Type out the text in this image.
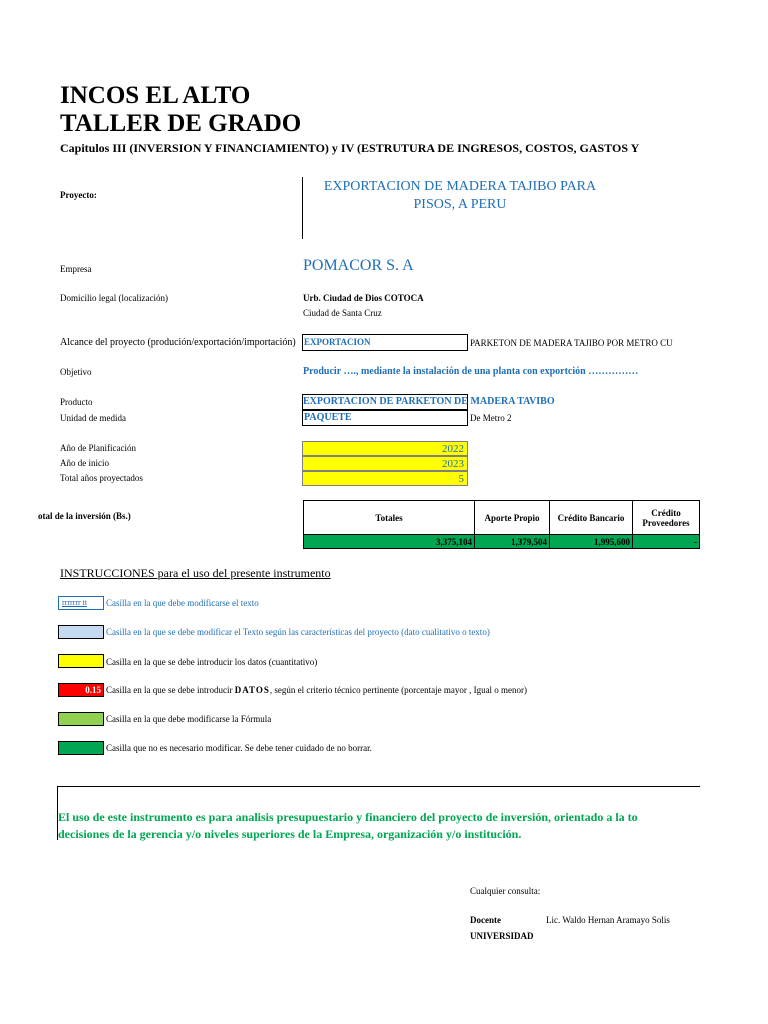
INCOS EL ALTO
TALLER DE GRADO
Capitulos III (INVERSION Y FINANCIAMIENTO) y IV (ESTRUTURA DE INGRESOS, COSTOS, GASTOS Y
Proyecto:
EXPORTACION DE MADERA TAJIBO PARA
PISOS, A PERU
Empresa	POMACOR S. A
Domicilio legal (localización)	Urb. Ciudad de Dios COTOCA
Ciudad de Santa Cruz
Alcance del proyecto (produción/exportación/importación) EXPORTACION	PARKETON DE MADERA TAJIBO POR METRO CU
Objetivo	Producir …., mediante la instalación de una planta con exportción ……………
Producto	EXPORTACION DE PARKETON DE MADERA TAVIBO
Unidad de medida	PAQUETE	De Metro 2
Año de Planificación	2022
Año de inicio	2023
Total años proyectados	5
otal de la inversión (Bs.)	Totales	Aporte Propio	Crédito Bancario	Crédito Proveedores
3,375,104	1,379,504	1,995,600	-
INSTRUCCIONES para el uso del presente instrumento
rrrrrrr tt Casilla en la que debe modificarse el texto
Casilla en la que se debe modificar el Texto según las características del proyecto (dato cualitativo o texto)
Casilla en la que se debe introducir los datos (cuantitativo)
0.15 Casilla en la que se debe introducir DATOS, según el criterio técnico pertinente (porcentaje mayor , Igual o menor)
Casilla en la que debe modificarse la Fórmula
Casilla que no es necesario modificar. Se debe tener cuidado de no borrar.
El uso de este instrumento es para analisis presupuestario y financiero del proyecto de inversión, orientado a la to
decisiones de la gerencia y/o niveles superiores de la Empresa, organización y/o institución.
Cualquier consulta:
Docente	Lic. Waldo Hernan Aramayo Solis
UNIVERSIDAD
